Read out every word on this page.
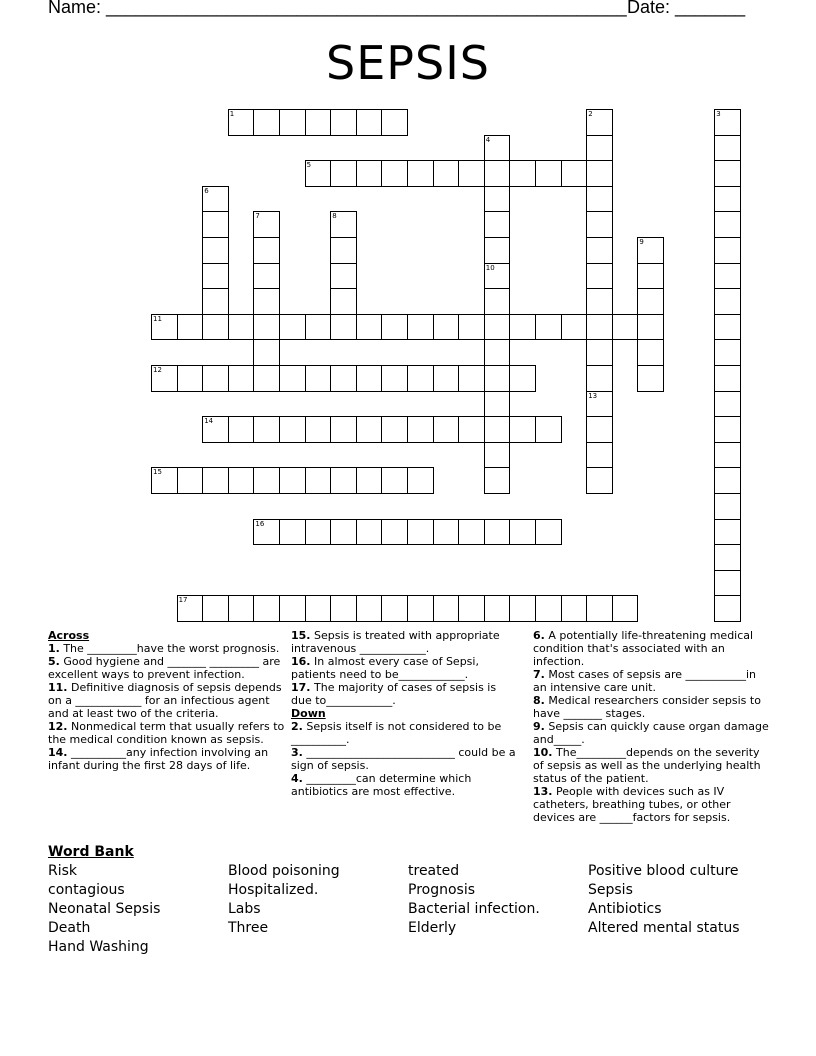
Name: ____________________________________________________ Date: _______
SEPSIS
1	2
13
3
4
10
5
6
7	8
9
11
12
14
15
16
17

Across

1. The _________have the worst prognosis.

5. Good hygiene and _______ _________ are excellent ways to prevent infection.

11. Definitive diagnosis of sepsis depends on a ____________ for an infectious agent and at least two of the criteria.

12. Nonmedical term that usually refers to the medical condition known as sepsis.

14. __________any infection involving an infant during the first 28 days of life.

15. Sepsis is treated with appropriate intravenous ____________.

16. In almost every case of Sepsi, patients need to be____________.

17. The majority of cases of sepsis is due to____________.

Down

2. Sepsis itself is not considered to be __________.

3. ___________________________ could be a sign of sepsis.

4. _________can determine which antibiotics are most effective.

6. A potentially life-threatening medical condition that's associated with an infection.

7. Most cases of sepsis are ___________in an intensive care unit.

8. Medical researchers consider sepsis to have _______ stages.

9. Sepsis can quickly cause organ damage and_____.

10. The_________depends on the severity of sepsis as well as the underlying health status of the patient.

13. People with devices such as IV catheters, breathing tubes, or other devices are ______factors for sepsis.

Word Bank
Risk	Blood poisoning	treated	Positive blood culture
contagious	Hospitalized.	Prognosis	Sepsis
Neonatal Sepsis	Labs	Bacterial infection.	Antibiotics
Death	Three	Elderly	Altered mental status
Hand Washing
